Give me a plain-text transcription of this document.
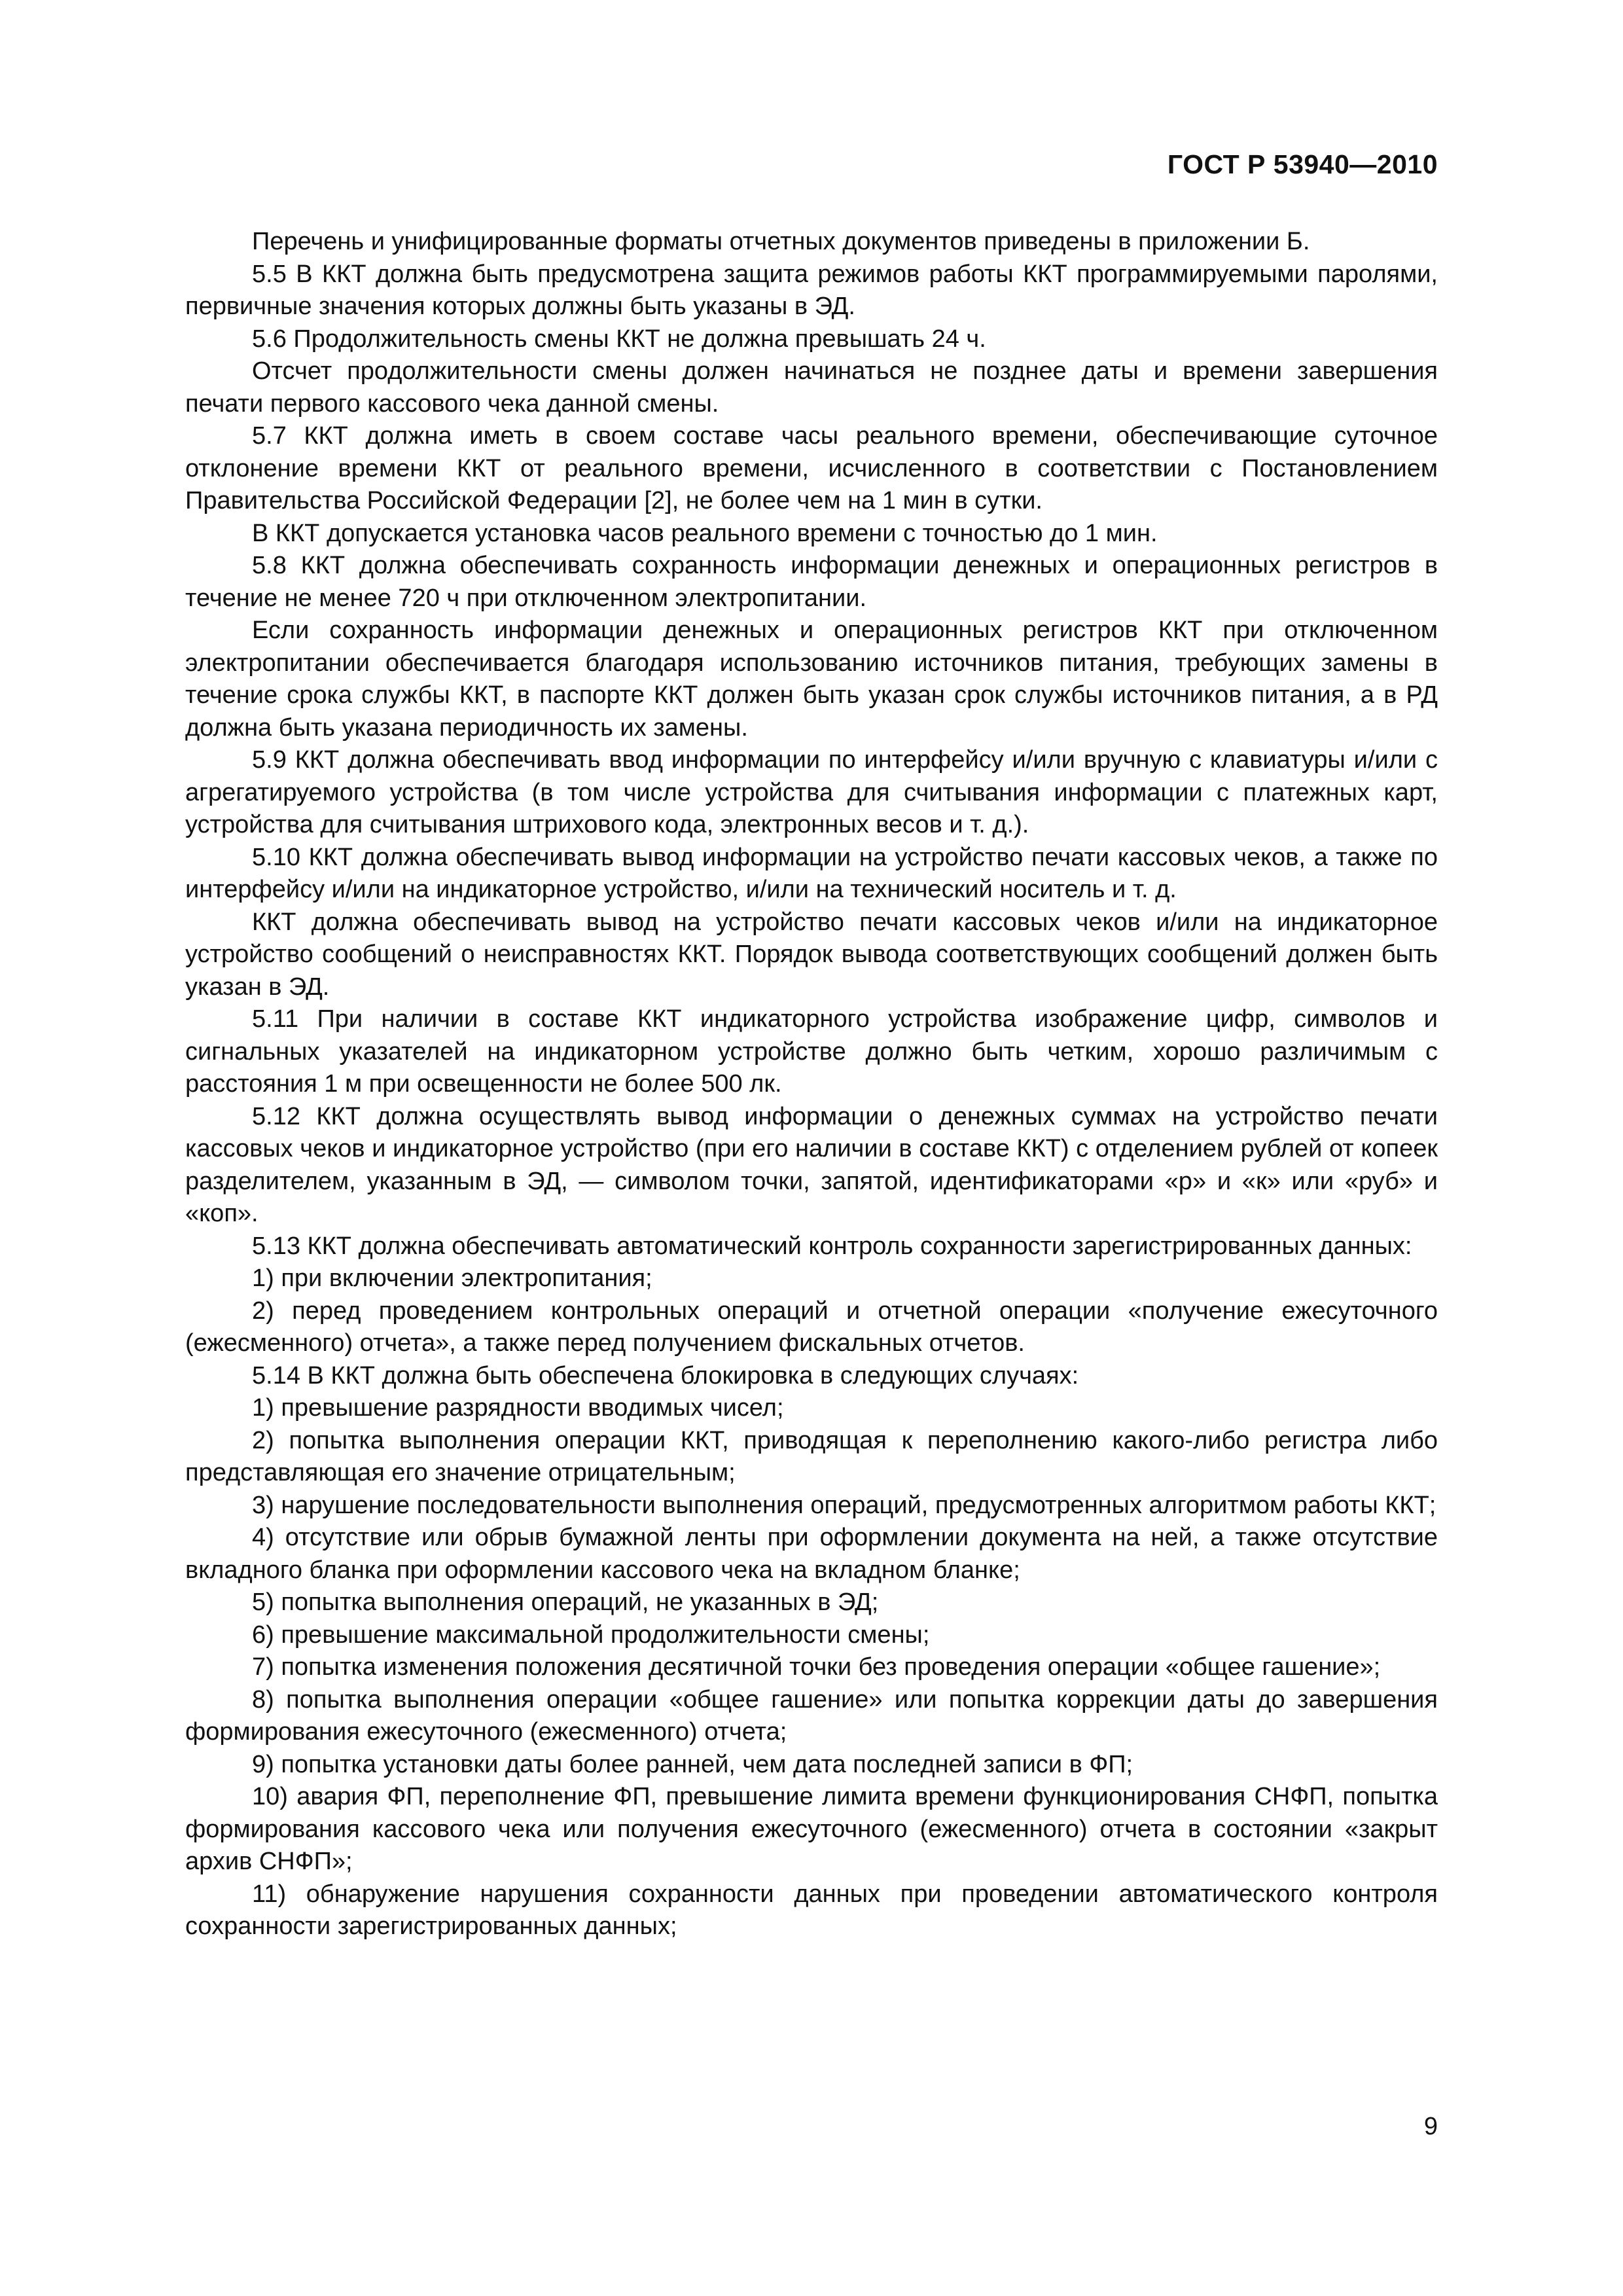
ГОСТ Р 53940—2010

Перечень и унифицированные форматы отчетных документов приведены в приложении Б.

5.5 В ККТ должна быть предусмотрена защита режимов работы ККТ программируемыми паролями, первичные значения которых должны быть указаны в ЭД.

5.6 Продолжительность смены ККТ не должна превышать 24 ч.

Отсчет продолжительности смены должен начинаться не позднее даты и времени завершения печати первого кассового чека данной смены.

5.7 ККТ должна иметь в своем составе часы реального времени, обеспечивающие суточное отклонение времени ККТ от реального времени, исчисленного в соответствии с Постановлением Правительства Российской Федерации [2], не более чем на 1 мин в сутки.

В ККТ допускается установка часов реального времени с точностью до 1 мин.

5.8 ККТ должна обеспечивать сохранность информации денежных и операционных регистров в течение не менее 720 ч при отключенном электропитании.

Если сохранность информации денежных и операционных регистров ККТ при отключенном электропитании обеспечивается благодаря использованию источников питания, требующих замены в течение срока службы ККТ, в паспорте ККТ должен быть указан срок службы источников питания, а в РД должна быть указана периодичность их замены.

5.9 ККТ должна обеспечивать ввод информации по интерфейсу и/или вручную с клавиатуры и/или с агрегатируемого устройства (в том числе устройства для считывания информации с платежных карт, устройства для считывания штрихового кода, электронных весов и т. д.).

5.10 ККТ должна обеспечивать вывод информации на устройство печати кассовых чеков, а также по интерфейсу и/или на индикаторное устройство, и/или на технический носитель и т. д.

ККТ должна обеспечивать вывод на устройство печати кассовых чеков и/или на индикаторное устройство сообщений о неисправностях ККТ. Порядок вывода соответствующих сообщений должен быть указан в ЭД.

5.11 При наличии в составе ККТ индикаторного устройства изображение цифр, символов и сигнальных указателей на индикаторном устройстве должно быть четким, хорошо различимым с расстояния 1 м при освещенности не более 500 лк.

5.12 ККТ должна осуществлять вывод информации о денежных суммах на устройство печати кассовых чеков и индикаторное устройство (при его наличии в составе ККТ) с отделением рублей от копеек разделителем, указанным в ЭД, — символом точки, запятой, идентификаторами «р» и «к» или «руб» и «коп».

5.13 ККТ должна обеспечивать автоматический контроль сохранности зарегистрированных данных:

1) при включении электропитания;

2) перед проведением контрольных операций и отчетной операции «получение ежесуточного (ежесменного) отчета», а также перед получением фискальных отчетов.

5.14 В ККТ должна быть обеспечена блокировка в следующих случаях:

1) превышение разрядности вводимых чисел;

2) попытка выполнения операции ККТ, приводящая к переполнению какого-либо регистра либо представляющая его значение отрицательным;

3) нарушение последовательности выполнения операций, предусмотренных алгоритмом работы ККТ;

4) отсутствие или обрыв бумажной ленты при оформлении документа на ней, а также отсутствие вкладного бланка при оформлении кассового чека на вкладном бланке;

5) попытка выполнения операций, не указанных в ЭД;

6) превышение максимальной продолжительности смены;

7) попытка изменения положения десятичной точки без проведения операции «общее гашение»;

8) попытка выполнения операции «общее гашение» или попытка коррекции даты до завершения формирования ежесуточного (ежесменного) отчета;

9) попытка установки даты более ранней, чем дата последней записи в ФП;

10) авария ФП, переполнение ФП, превышение лимита времени функционирования СНФП, попытка формирования кассового чека или получения ежесуточного (ежесменного) отчета в состоянии «закрыт архив СНФП»;

11) обнаружение нарушения сохранности данных при проведении автоматического контроля сохранности зарегистрированных данных;

9
